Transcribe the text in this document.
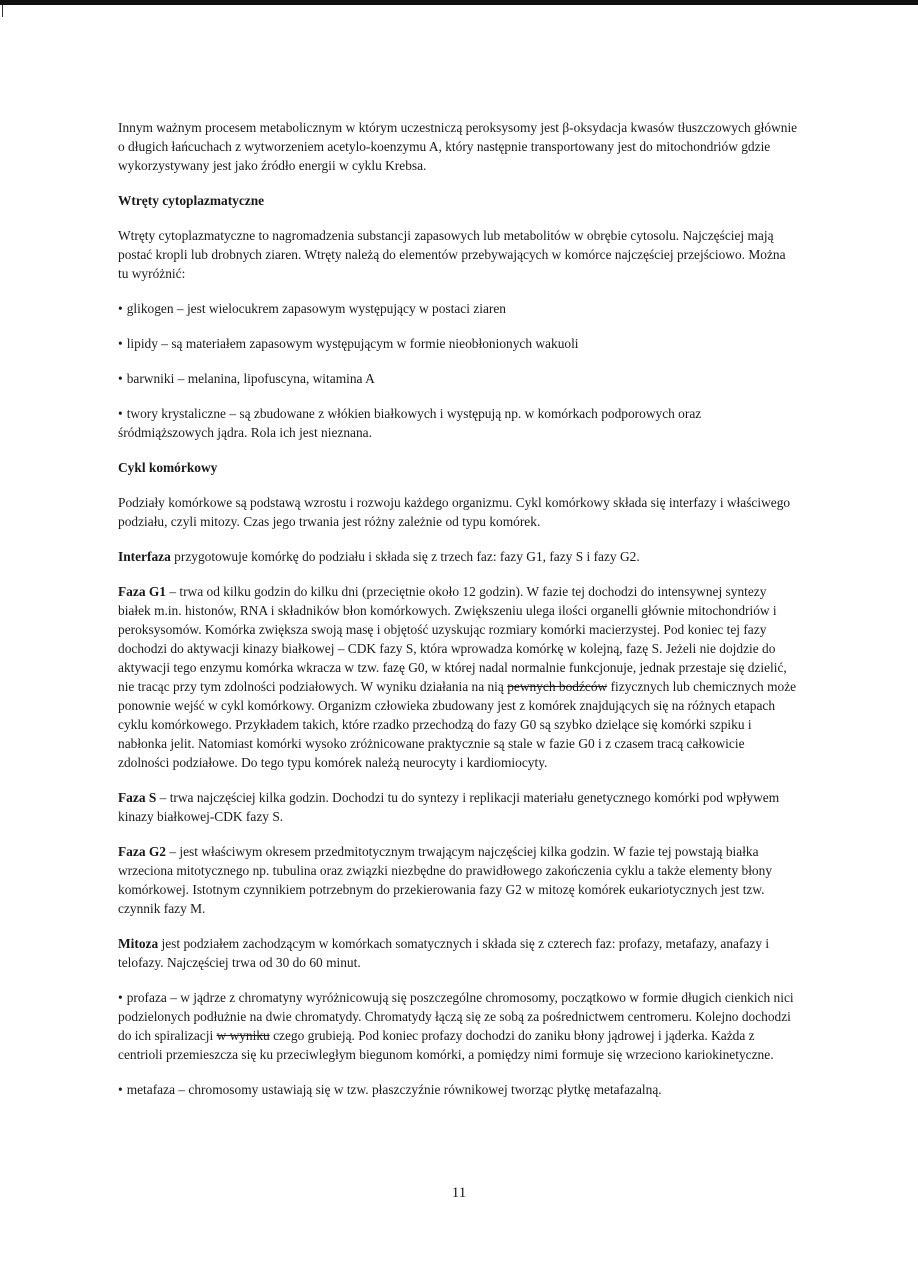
Innym ważnym procesem metabolicznym w którym uczestniczą peroksysomy jest β-oksydacja kwasów tłuszczowych głównie o długich łańcuchach z wytworzeniem acetylo-koenzymu A, który następnie transportowany jest do mitochondriów gdzie wykorzystywany jest jako źródło energii w cyklu Krebsa.

Wtręty cytoplazmatyczne

Wtręty cytoplazmatyczne to nagromadzenia substancji zapasowych lub metabolitów w obrębie cytosolu. Najczęściej mają postać kropli lub drobnych ziaren. Wtręty należą do elementów przebywających w komórce najczęściej przejściowo. Można tu wyróżnić:

• glikogen – jest wielocukrem zapasowym występujący w postaci ziaren
• lipidy – są materiałem zapasowym występującym w formie nieobłonionych wakuoli
• barwniki – melanina, lipofuscyna, witamina A
• twory krystaliczne – są zbudowane z włókien białkowych i występują np. w komórkach podporowych oraz śródmiąższowych jądra. Rola ich jest nieznana.
Cykl komórkowy

Podziały komórkowe są podstawą wzrostu i rozwoju każdego organizmu. Cykl komórkowy składa się interfazy i właściwego podziału, czyli mitozy. Czas jego trwania jest różny zależnie od typu komórek.

Interfaza przygotowuje komórkę do podziału i składa się z trzech faz: fazy G1, fazy S i fazy G2.

Faza G1 – trwa od kilku godzin do kilku dni (przeciętnie około 12 godzin). W fazie tej dochodzi do intensywnej syntezy białek m.in. histonów, RNA i składników błon komórkowych. Zwiększeniu ulega ilości organelli głównie mitochondriów i peroksysomów. Komórka zwiększa swoją masę i objętość uzyskując rozmiary komórki macierzystej. Pod koniec tej fazy dochodzi do aktywacji kinazy białkowej – CDK fazy S, która wprowadza komórkę w kolejną, fazę S. Jeżeli nie dojdzie do aktywacji tego enzymu komórka wkracza w tzw. fazę G0, w której nadal normalnie funkcjonuje, jednak przestaje się dzielić, nie tracąc przy tym zdolności podziałowych. W wyniku działania na nią pewnych bodźców fizycznych lub chemicznych może ponownie wejść w cykl komórkowy. Organizm człowieka zbudowany jest z komórek znajdujących się na różnych etapach cyklu komórkowego. Przykładem takich, które rzadko przechodzą do fazy G0 są szybko dzielące się komórki szpiku i nabłonka jelit. Natomiast komórki wysoko zróżnicowane praktycznie są stale w fazie G0 i z czasem tracą całkowicie zdolności podziałowe. Do tego typu komórek należą neurocyty i kardiomiocyty.

Faza S – trwa najczęściej kilka godzin. Dochodzi tu do syntezy i replikacji materiału genetycznego komórki pod wpływem kinazy białkowej-CDK fazy S.

Faza G2 – jest właściwym okresem przedmitotycznym trwającym najczęściej kilka godzin. W fazie tej powstają białka wrzeciona mitotycznego np. tubulina oraz związki niezbędne do prawidłowego zakończenia cyklu a także elementy błony komórkowej. Istotnym czynnikiem potrzebnym do przekierowania fazy G2 w mitozę komórek eukariotycznych jest tzw. czynnik fazy M.

Mitoza jest podziałem zachodzącym w komórkach somatycznych i składa się z czterech faz: profazy, metafazy, anafazy i telofazy. Najczęściej trwa od 30 do 60 minut.

• profaza – w jądrze z chromatyny wyróżnicowują się poszczególne chromosomy, początkowo w formie długich cienkich nici podzielonych podłużnie na dwie chromatydy. Chromatydy łączą się ze sobą za pośrednictwem centromeru. Kolejno dochodzi do ich spiralizacji w wyniku czego grubieją. Pod koniec profazy dochodzi do zaniku błony jądrowej i jąderka. Każda z centrioli przemieszcza się ku przeciwległym biegunom komórki, a pomiędzy nimi formuje się wrzeciono kariokinetyczne.
• metafaza – chromosomy ustawiają się w tzw. płaszczyźnie równikowej tworząc płytkę metafazalną.
11
